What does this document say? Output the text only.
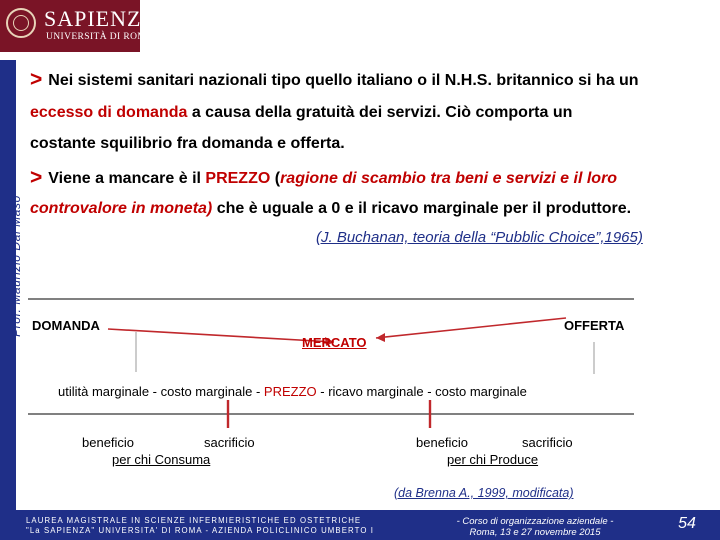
SAPIENZA
UNIVERSITÀ DI ROMA
Prof. Maurizio Dal Maso
> Nei sistemi sanitari nazionali tipo quello italiano o il N.H.S. britannico si ha un
eccesso di domanda a causa della gratuità dei servizi. Ciò comporta un
costante squilibrio fra domanda e offerta.
> Viene a mancare è il PREZZO (ragione di scambio tra beni e servizi e il loro
controvalore in moneta) che è uguale a 0 e il ricavo marginale per il produttore.
(J. Buchanan, teoria della “Pubblic Choice”,1965)
DOMANDA	OFFERTA
MERCATO
utilità marginale - costo marginale - PREZZO - ricavo marginale - costo marginale
beneficio	sacrificio
per chi Consuma
beneficio	sacrificio
per chi Produce
(da Brenna A., 1999, modificata)
LAUREA MAGISTRALE IN SCIENZE INFERMIERISTICHE ED OSTETRICHE
"La SAPIENZA" UNIVERSITA' DI ROMA - AZIENDA POLICLINICO UMBERTO I
- Corso di organizzazione aziendale -
Roma, 13 e 27 novembre 2015
54
